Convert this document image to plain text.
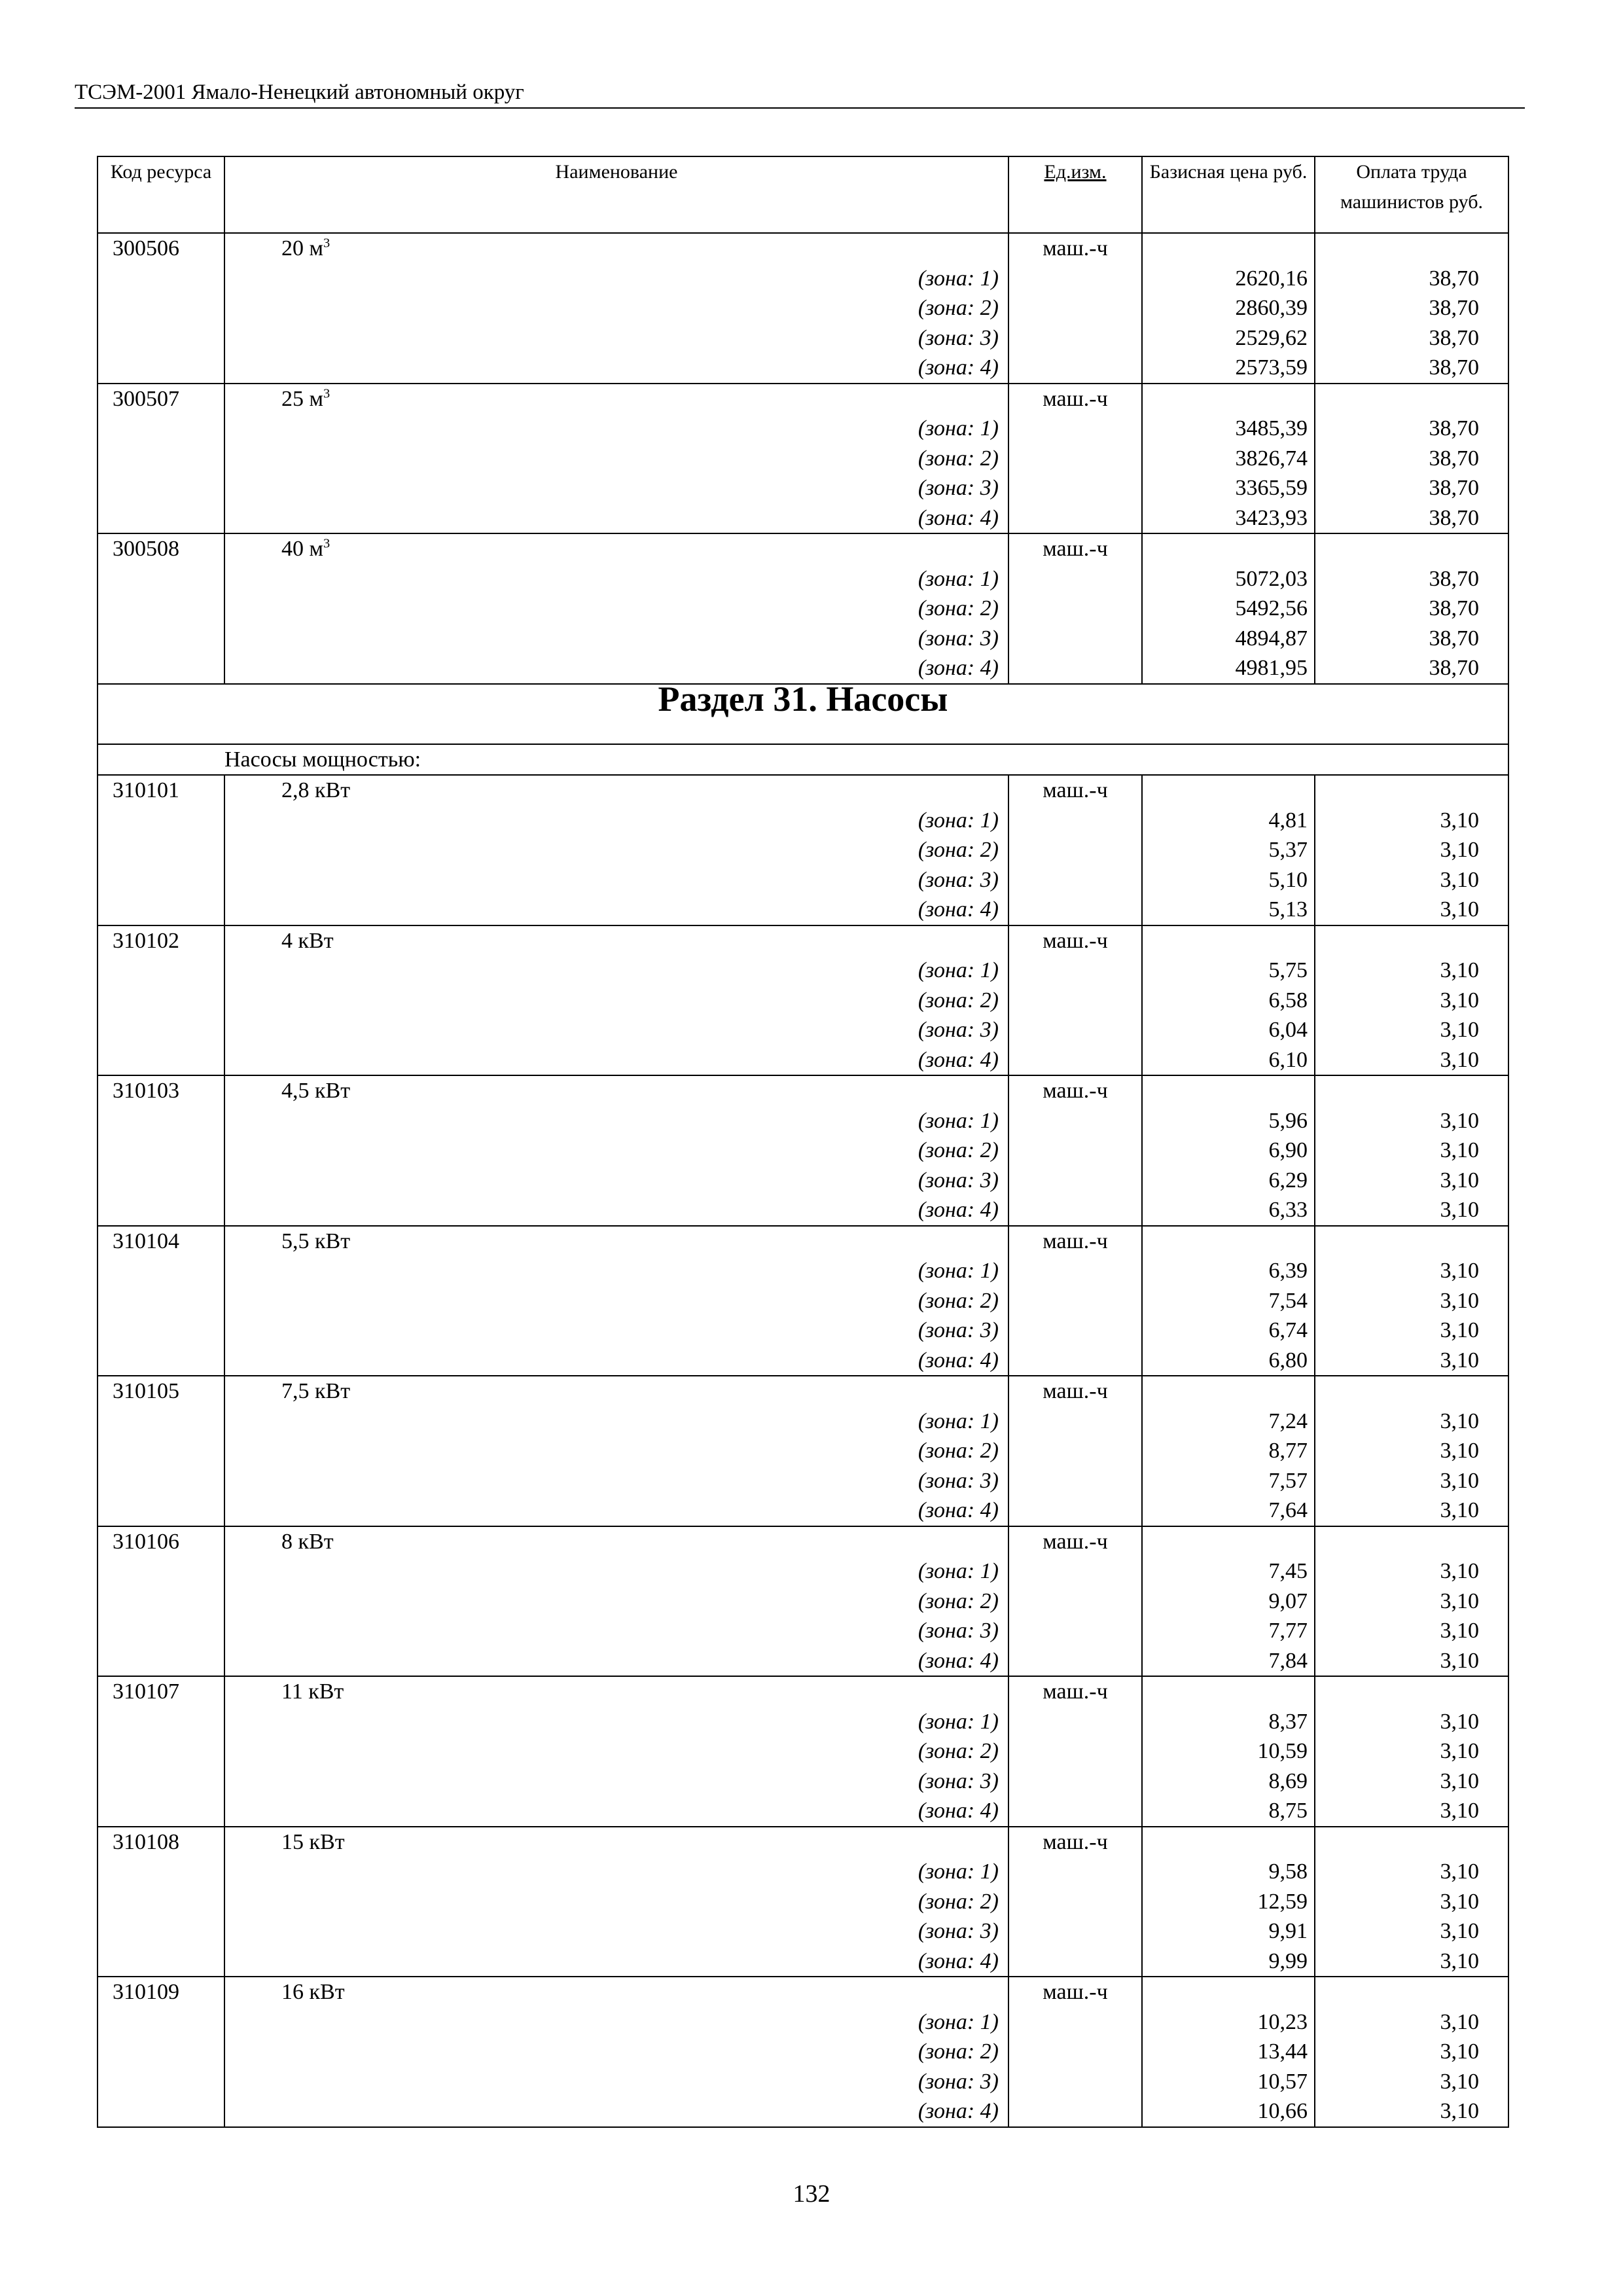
ТСЭМ-2001 Ямало-Ненецкий автономный округ
Код ресурса	Наименование	Ед.изм.	Базисная цена руб.	Оплата труда машинистов руб.
300506	20 $м^3$	маш.-ч		
	(зона: 1)		2620,16	38,70
	(зона: 2)		2860,39	38,70
	(зона: 3)		2529,62	38,70
	(зона: 4)		2573,59	38,70
300507	25 $м^3$	маш.-ч		
	(зона: 1)		3485,39	38,70
	(зона: 2)		3826,74	38,70
	(зона: 3)		3365,59	38,70
	(зона: 4)		3423,93	38,70
300508	40 $м^3$	маш.-ч		
	(зона: 1)		5072,03	38,70
	(зона: 2)		5492,56	38,70
	(зона: 3)		4894,87	38,70
	(зона: 4)		4981,95	38,70
Раздел 31. Насосы				
	Насосы мощностью:			
310101	2,8 кВт	маш.-ч		
	(зона: 1)		4,81	3,10
	(зона: 2)		5,37	3,10
	(зона: 3)		5,10	3,10
	(зона: 4)		5,13	3,10
310102	4 кВт	маш.-ч		
	(зона: 1)		5,75	3,10
	(зона: 2)		6,58	3,10
	(зона: 3)		6,04	3,10
	(зона: 4)		6,10	3,10
310103	4,5 кВт	маш.-ч		
	(зона: 1)		5,96	3,10
	(зона: 2)		6,90	3,10
	(зона: 3)		6,29	3,10
	(зона: 4)		6,33	3,10
310104	5,5 кВт	маш.-ч		
	(зона: 1)		6,39	3,10
	(зона: 2)		7,54	3,10
	(зона: 3)		6,74	3,10
	(зона: 4)		6,80	3,10
310105	7,5 кВт	маш.-ч		
	(зона: 1)		7,24	3,10
	(зона: 2)		8,77	3,10
	(зона: 3)		7,57	3,10
	(зона: 4)		7,64	3,10
310106	8 кВт	маш.-ч		
	(зона: 1)		7,45	3,10
	(зона: 2)		9,07	3,10
	(зона: 3)		7,77	3,10
	(зона: 4)		7,84	3,10
310107	11 кВт	маш.-ч		
	(зона: 1)		8,37	3,10
	(зона: 2)		10,59	3,10
	(зона: 3)		8,69	3,10
	(зона: 4)		8,75	3,10
310108	15 кВт	маш.-ч		
	(зона: 1)		9,58	3,10
	(зона: 2)		12,59	3,10
	(зона: 3)		9,91	3,10
	(зона: 4)		9,99	3,10
310109	16 кВт	маш.-ч		
	(зона: 1)		10,23	3,10
	(зона: 2)		13,44	3,10
	(зона: 3)		10,57	3,10
	(зона: 4)		10,66	3,10
132
